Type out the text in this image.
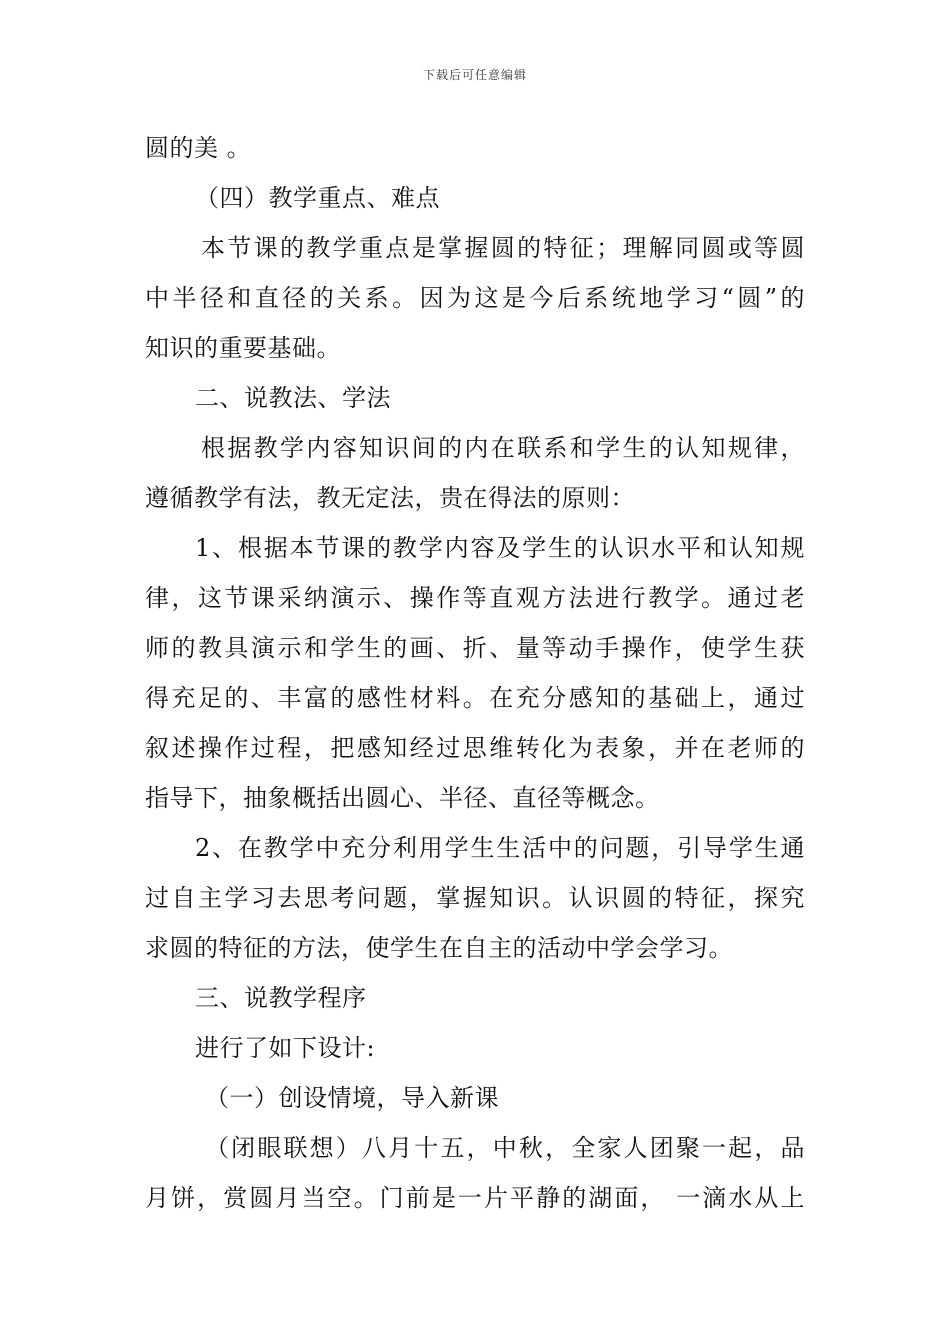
下载后可任意编辑
圆的美 。
（四）教学重点、难点
本节课的教学重点是掌握圆的特征；理解同圆或等圆
中半径和直径的关系。因为这是今后系统地学习“圆”的
知识的重要基础。
二、说教法、学法
根据教学内容知识间的内在联系和学生的认知规律，
遵循教学有法，教无定法，贵在得法的原则：
1、根据本节课的教学内容及学生的认识水平和认知规
律，这节课采纳演示、操作等直观方法进行教学。通过老
师的教具演示和学生的画、折、量等动手操作，使学生获
得充足的、丰富的感性材料。在充分感知的基础上，通过
叙述操作过程，把感知经过思维转化为表象，并在老师的
指导下，抽象概括出圆心、半径、直径等概念。
2、在教学中充分利用学生生活中的问题，引导学生通
过自主学习去思考问题，掌握知识。认识圆的特征，探究
求圆的特征的方法，使学生在自主的活动中学会学习。
三、说教学程序
进行了如下设计:
（一）创设情境，导入新课
（闭眼联想）八月十五，中秋，全家人团聚一起，品
月饼，赏圆月当空。门前是一片平静的湖面， 一滴水从上
